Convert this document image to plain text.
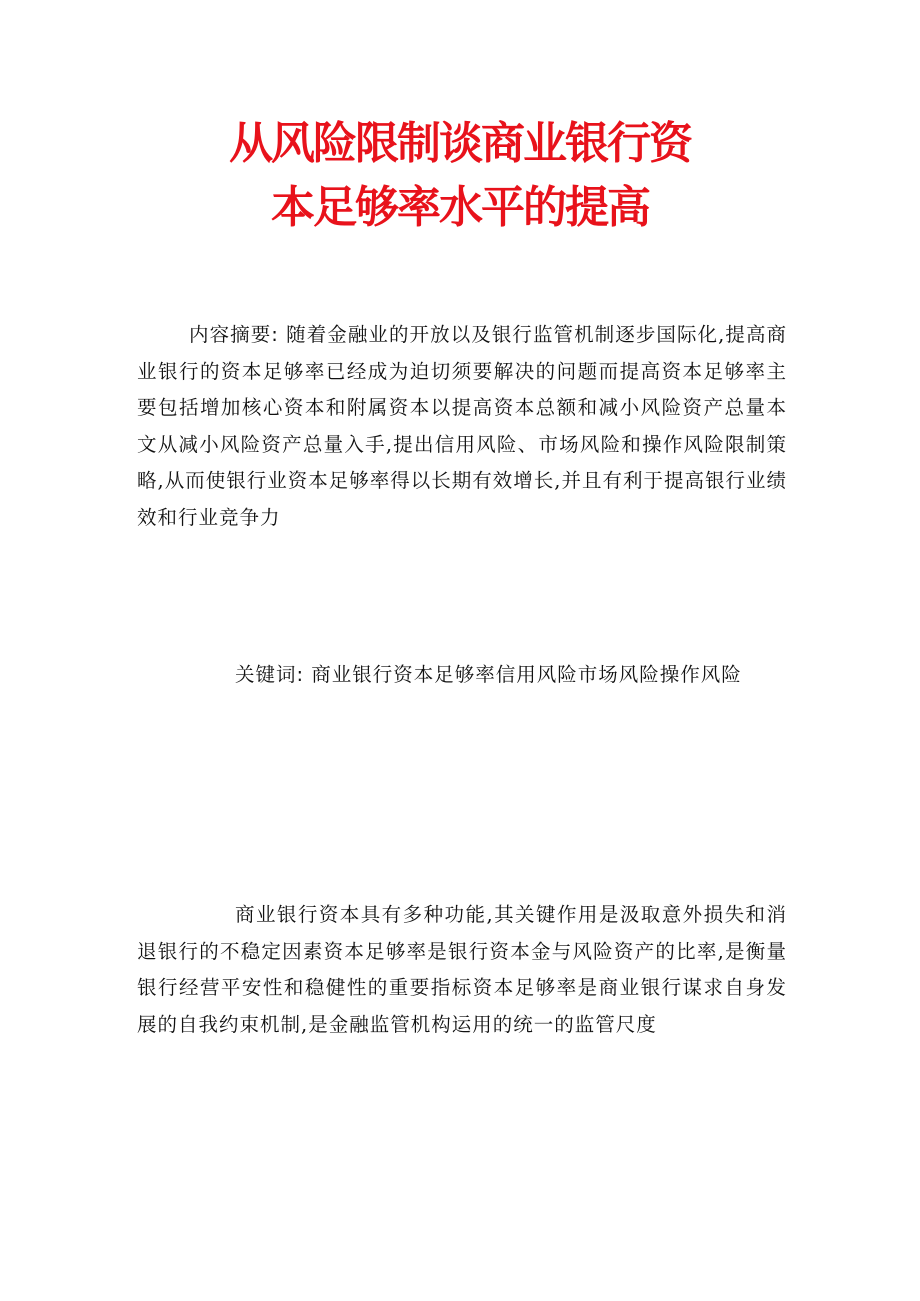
从风险限制谈商业银行资
本足够率水平的提高

内容摘要: 随着金融业的开放以及银行监管机制逐步国际化,提高商业银行的资本足够率已经成为迫切须要解决的问题而提高资本足够率主要包括增加核心资本和附属资本以提高资本总额和减小风险资产总量本文从减小风险资产总量入手,提出信用风险、市场风险和操作风险限制策略,从而使银行业资本足够率得以长期有效增长,并且有利于提高银行业绩效和行业竞争力

关键词: 商业银行资本足够率信用风险市场风险操作风险

商业银行资本具有多种功能,其关键作用是汲取意外损失和消退银行的不稳定因素资本足够率是银行资本金与风险资产的比率,是衡量银行经营平安性和稳健性的重要指标资本足够率是商业银行谋求自身发展的自我约束机制,是金融监管机构运用的统一的监管尺度
